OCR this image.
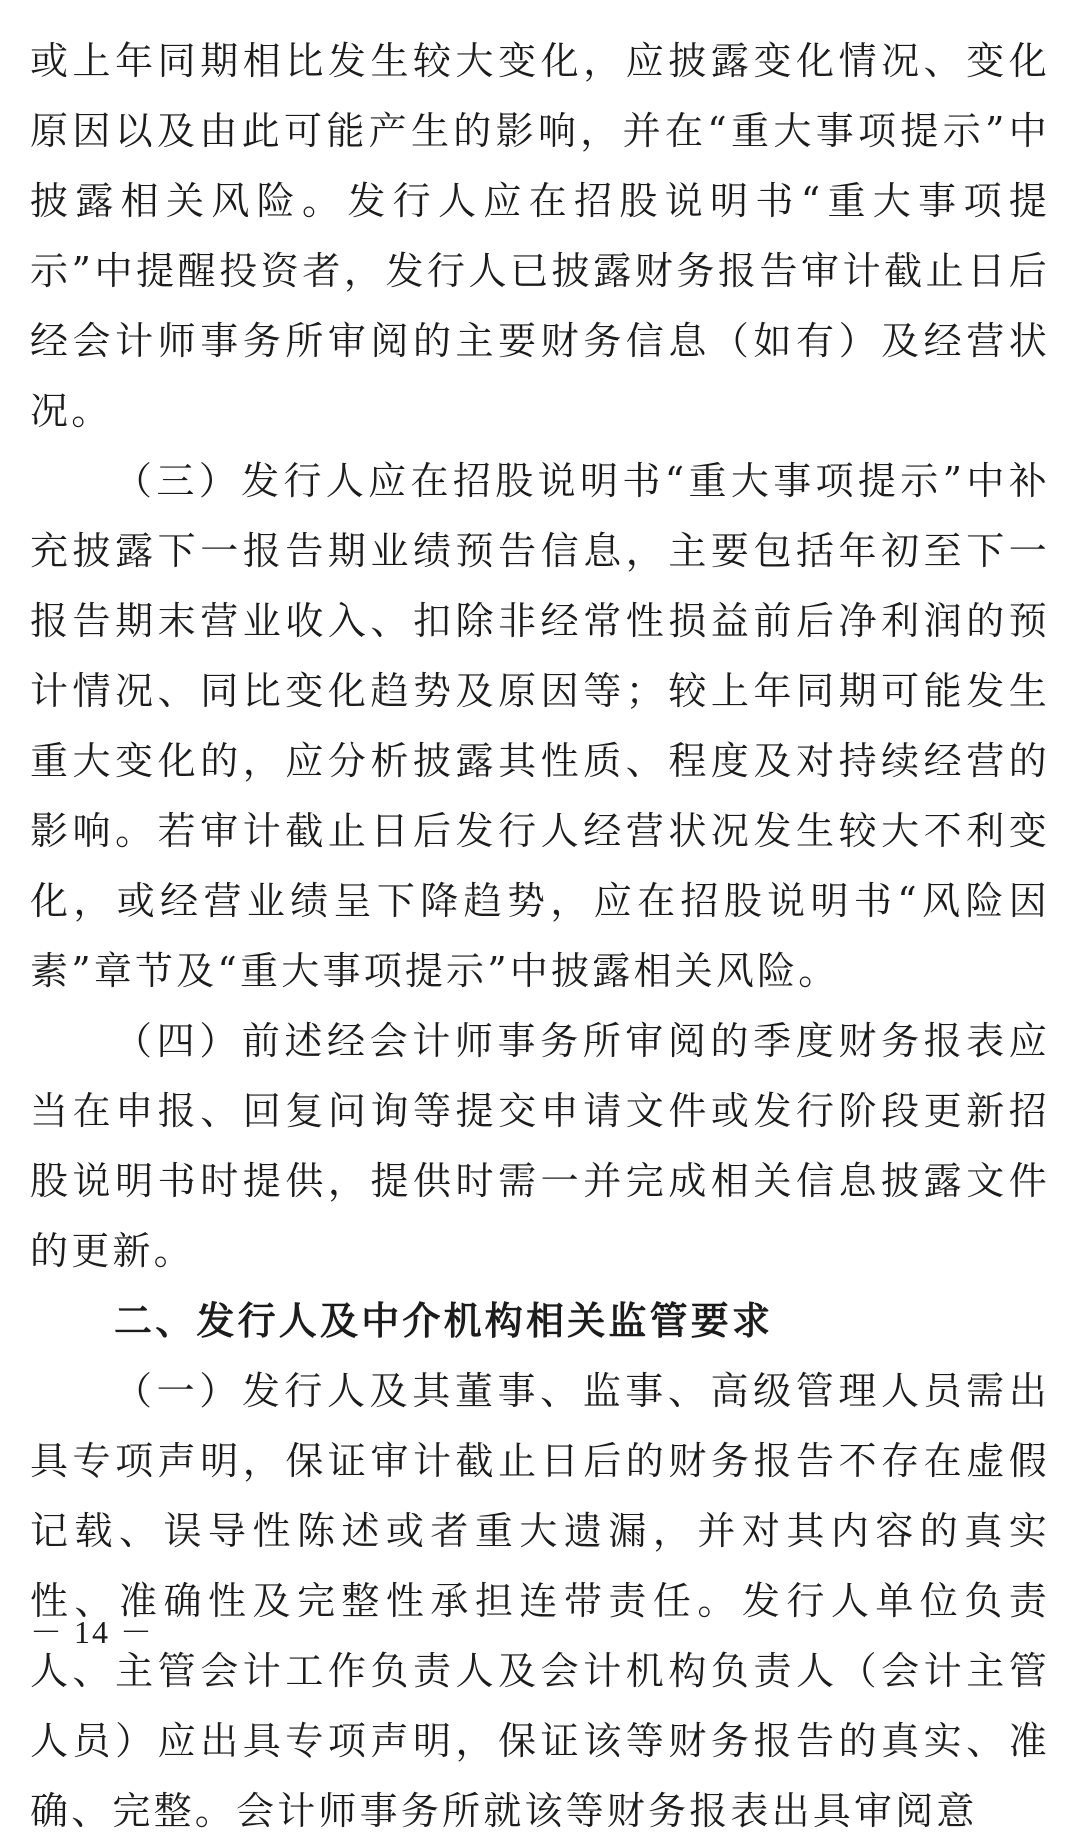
或上年同期相比发生较大变化，应披露变化情况、变化原因以及由此可能产生的影响，并在“重大事项提示”中披露相关风险。发行人应在招股说明书“重大事项提示”中提醒投资者，发行人已披露财务报告审计截止日后经会计师事务所审阅的主要财务信息（如有）及经营状况。

（三）发行人应在招股说明书“重大事项提示”中补充披露下一报告期业绩预告信息，主要包括年初至下一报告期末营业收入、扣除非经常性损益前后净利润的预计情况、同比变化趋势及原因等；较上年同期可能发生重大变化的，应分析披露其性质、程度及对持续经营的影响。若审计截止日后发行人经营状况发生较大不利变化，或经营业绩呈下降趋势，应在招股说明书“风险因素”章节及“重大事项提示”中披露相关风险。

（四）前述经会计师事务所审阅的季度财务报表应当在申报、回复问询等提交申请文件或发行阶段更新招股说明书时提供，提供时需一并完成相关信息披露文件的更新。

二、发行人及中介机构相关监管要求

（一）发行人及其董事、监事、高级管理人员需出具专项声明，保证审计截止日后的财务报告不存在虚假记载、误导性陈述或者重大遗漏，并对其内容的真实性、准确性及完整性承担连带责任。发行人单位负责人、主管会计工作负责人及会计机构负责人（会计主管人员）应出具专项声明，保证该等财务报告的真实、准确、完整。会计师事务所就该等财务报表出具审阅意

－ 14 －
